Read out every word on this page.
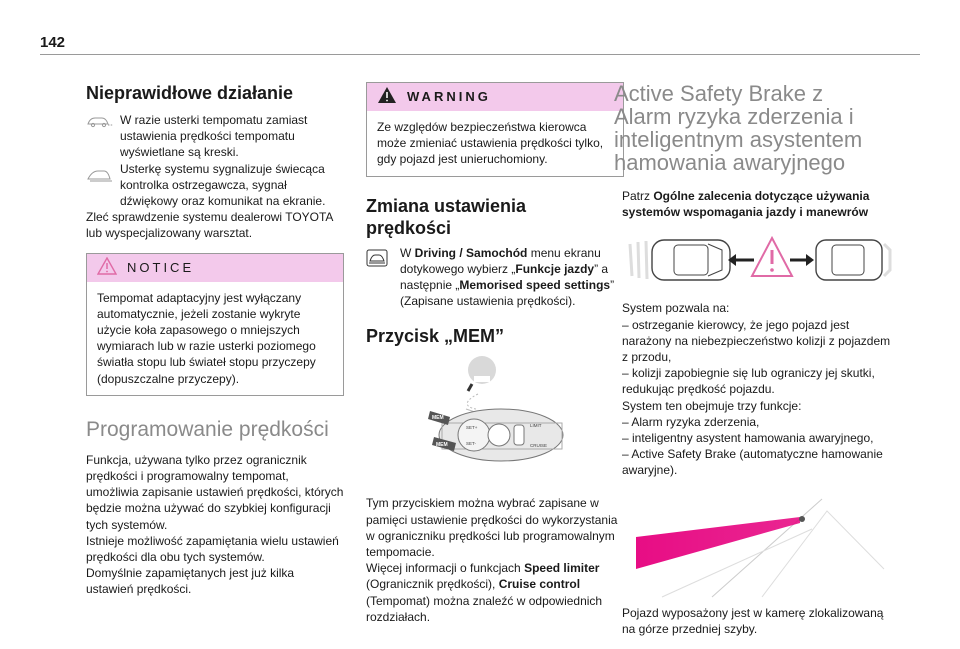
142
Nieprawidłowe działanie

W razie usterki tempomatu zamiast ustawienia prędkości tempomatu wyświetlane są kreski.

Usterkę systemu sygnalizuje świecąca kontrolka ostrzegawcza, sygnał dźwiękowy oraz komunikat na ekranie.

Zleć sprawdzenie systemu dealerowi TOYOTA lub wyspecjalizowany warsztat.

NOTICE
Tempomat adaptacyjny jest wyłączany automatycznie, jeżeli zostanie wykryte użycie koła zapasowego o mniejszych wymiarach lub w razie usterki poziomego światła stopu lub świateł stopu przyczepy (dopuszczalne przyczepy).
Programowanie prędkości

Funkcja, używana tylko przez ogranicznik prędkości i programowalny tempomat, umożliwia zapisanie ustawień prędkości, których będzie można używać do szybkiej konfiguracji tych systemów.

Istnieje możliwość zapamiętania wielu ustawień prędkości dla obu tych systemów.

Domyślnie zapamiętanych jest już kilka ustawień prędkości.

WARNING
Ze względów bezpieczeństwa kierowca może zmieniać ustawienia prędkości tylko, gdy pojazd jest unieruchomiony.
Zmiana ustawienia prędkości

W Driving / Samochód menu ekranu dotykowego wybierz „Funkcje jazdy” a następnie „Memorised speed settings” (Zapisane ustawienia prędkości).

Przycisk „MEM”
MEM
MEM
SET+
SET-
LIMIT
CRUISE

Tym przyciskiem można wybrać zapisane w pamięci ustawienie prędkości do wykorzystania w ograniczniku prędkości lub programowalnym tempomacie.

Więcej informacji o funkcjach Speed limiter (Ogranicznik prędkości), Cruise control (Tempomat) można znaleźć w odpowiednich rozdziałach.

Active Safety Brake z Alarm ryzyka zderzenia i inteligentnym asystentem hamowania awaryjnego

Patrz Ogólne zalecenia dotyczące używania systemów wspomagania jazdy i manewrów

System pozwala na:

– ostrzeganie kierowcy, że jego pojazd jest narażony na niebezpieczeństwo kolizji z pojazdem z przodu,

– kolizji zapobiegnie się lub ograniczy jej skutki, redukując prędkość pojazdu.

System ten obejmuje trzy funkcje:

– Alarm ryzyka zderzenia,

– inteligentny asystent hamowania awaryjnego,

– Active Safety Brake (automatyczne hamowanie awaryjne).

Pojazd wyposażony jest w kamerę zlokalizowaną na górze przedniej szyby.
